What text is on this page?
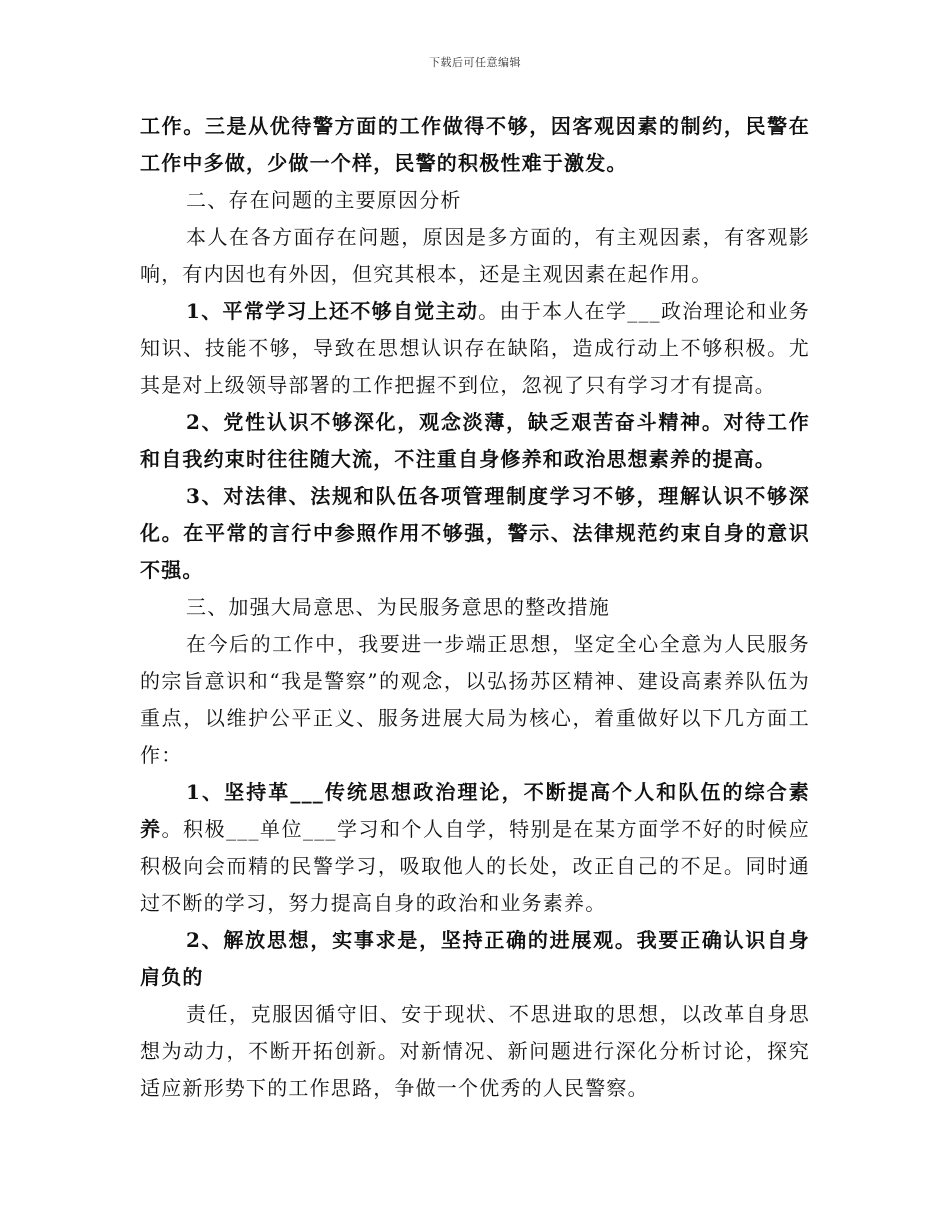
下载后可任意编辑

工作。三是从优待警方面的工作做得不够，因客观因素的制约，民警在工作中多做，少做一个样，民警的积极性难于激发。

二、存在问题的主要原因分析

本人在各方面存在问题，原因是多方面的，有主观因素，有客观影响，有内因也有外因，但究其根本，还是主观因素在起作用。

1、平常学习上还不够自觉主动。由于本人在学___政治理论和业务知识、技能不够，导致在思想认识存在缺陷，造成行动上不够积极。尤其是对上级领导部署的工作把握不到位，忽视了只有学习才有提高。

2、党性认识不够深化，观念淡薄，缺乏艰苦奋斗精神。对待工作和自我约束时往往随大流，不注重自身修养和政治思想素养的提高。

3、对法律、法规和队伍各项管理制度学习不够，理解认识不够深化。在平常的言行中参照作用不够强，警示、法律规范约束自身的意识不强。

三、加强大局意思、为民服务意思的整改措施

在今后的工作中，我要进一步端正思想，坚定全心全意为人民服务的宗旨意识和“我是警察”的观念，以弘扬苏区精神、建设高素养队伍为重点，以维护公平正义、服务进展大局为核心，着重做好以下几方面工作：

1、坚持革___传统思想政治理论，不断提高个人和队伍的综合素养。积极___单位___学习和个人自学，特别是在某方面学不好的时候应积极向会而精的民警学习，吸取他人的长处，改正自己的不足。同时通过不断的学习，努力提高自身的政治和业务素养。

2、解放思想，实事求是，坚持正确的进展观。我要正确认识自身肩负的

责任，克服因循守旧、安于现状、不思进取的思想，以改革自身思想为动力，不断开拓创新。对新情况、新问题进行深化分析讨论，探究适应新形势下的工作思路，争做一个优秀的人民警察。
